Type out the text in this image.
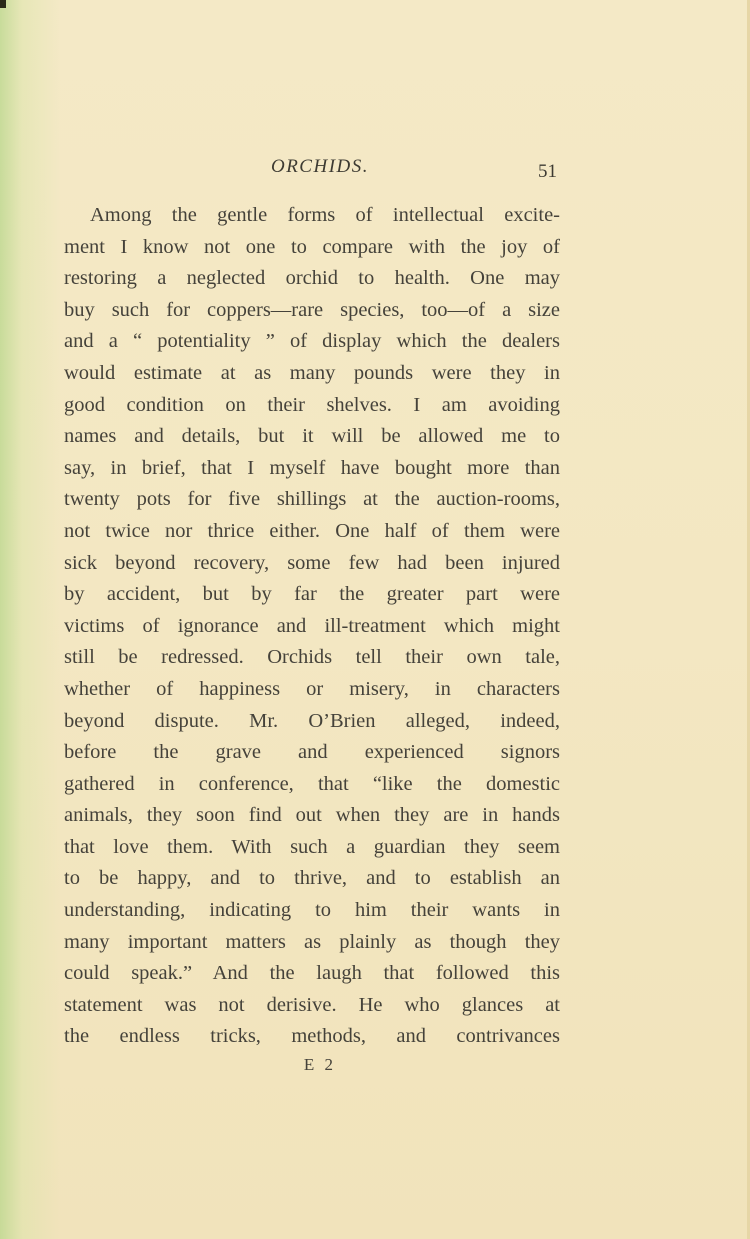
ORCHIDS.	51
Among the gentle forms of intellectual excite-
ment I know not one to compare with the joy of
restoring a neglected orchid to health. One may
buy such for coppers—rare species, too—of a size
and a “ potentiality ” of display which the dealers
would estimate at as many pounds were they in
good condition on their shelves. I am avoiding
names and details, but it will be allowed me to
say, in brief, that I myself have bought more than
twenty pots for five shillings at the auction-rooms,
not twice nor thrice either. One half of them were
sick beyond recovery, some few had been injured
by accident, but by far the greater part were
victims of ignorance and ill-treatment which might
still be redressed. Orchids tell their own tale,
whether of happiness or misery, in characters
beyond dispute. Mr. O’Brien alleged, indeed,
before the grave and experienced signors
gathered in conference, that “like the domestic
animals, they soon find out when they are in hands
that love them. With such a guardian they seem
to be happy, and to thrive, and to establish an
understanding, indicating to him their wants in
many important matters as plainly as though they
could speak.” And the laugh that followed this
statement was not derisive. He who glances at
the endless tricks, methods, and contrivances
E 2
